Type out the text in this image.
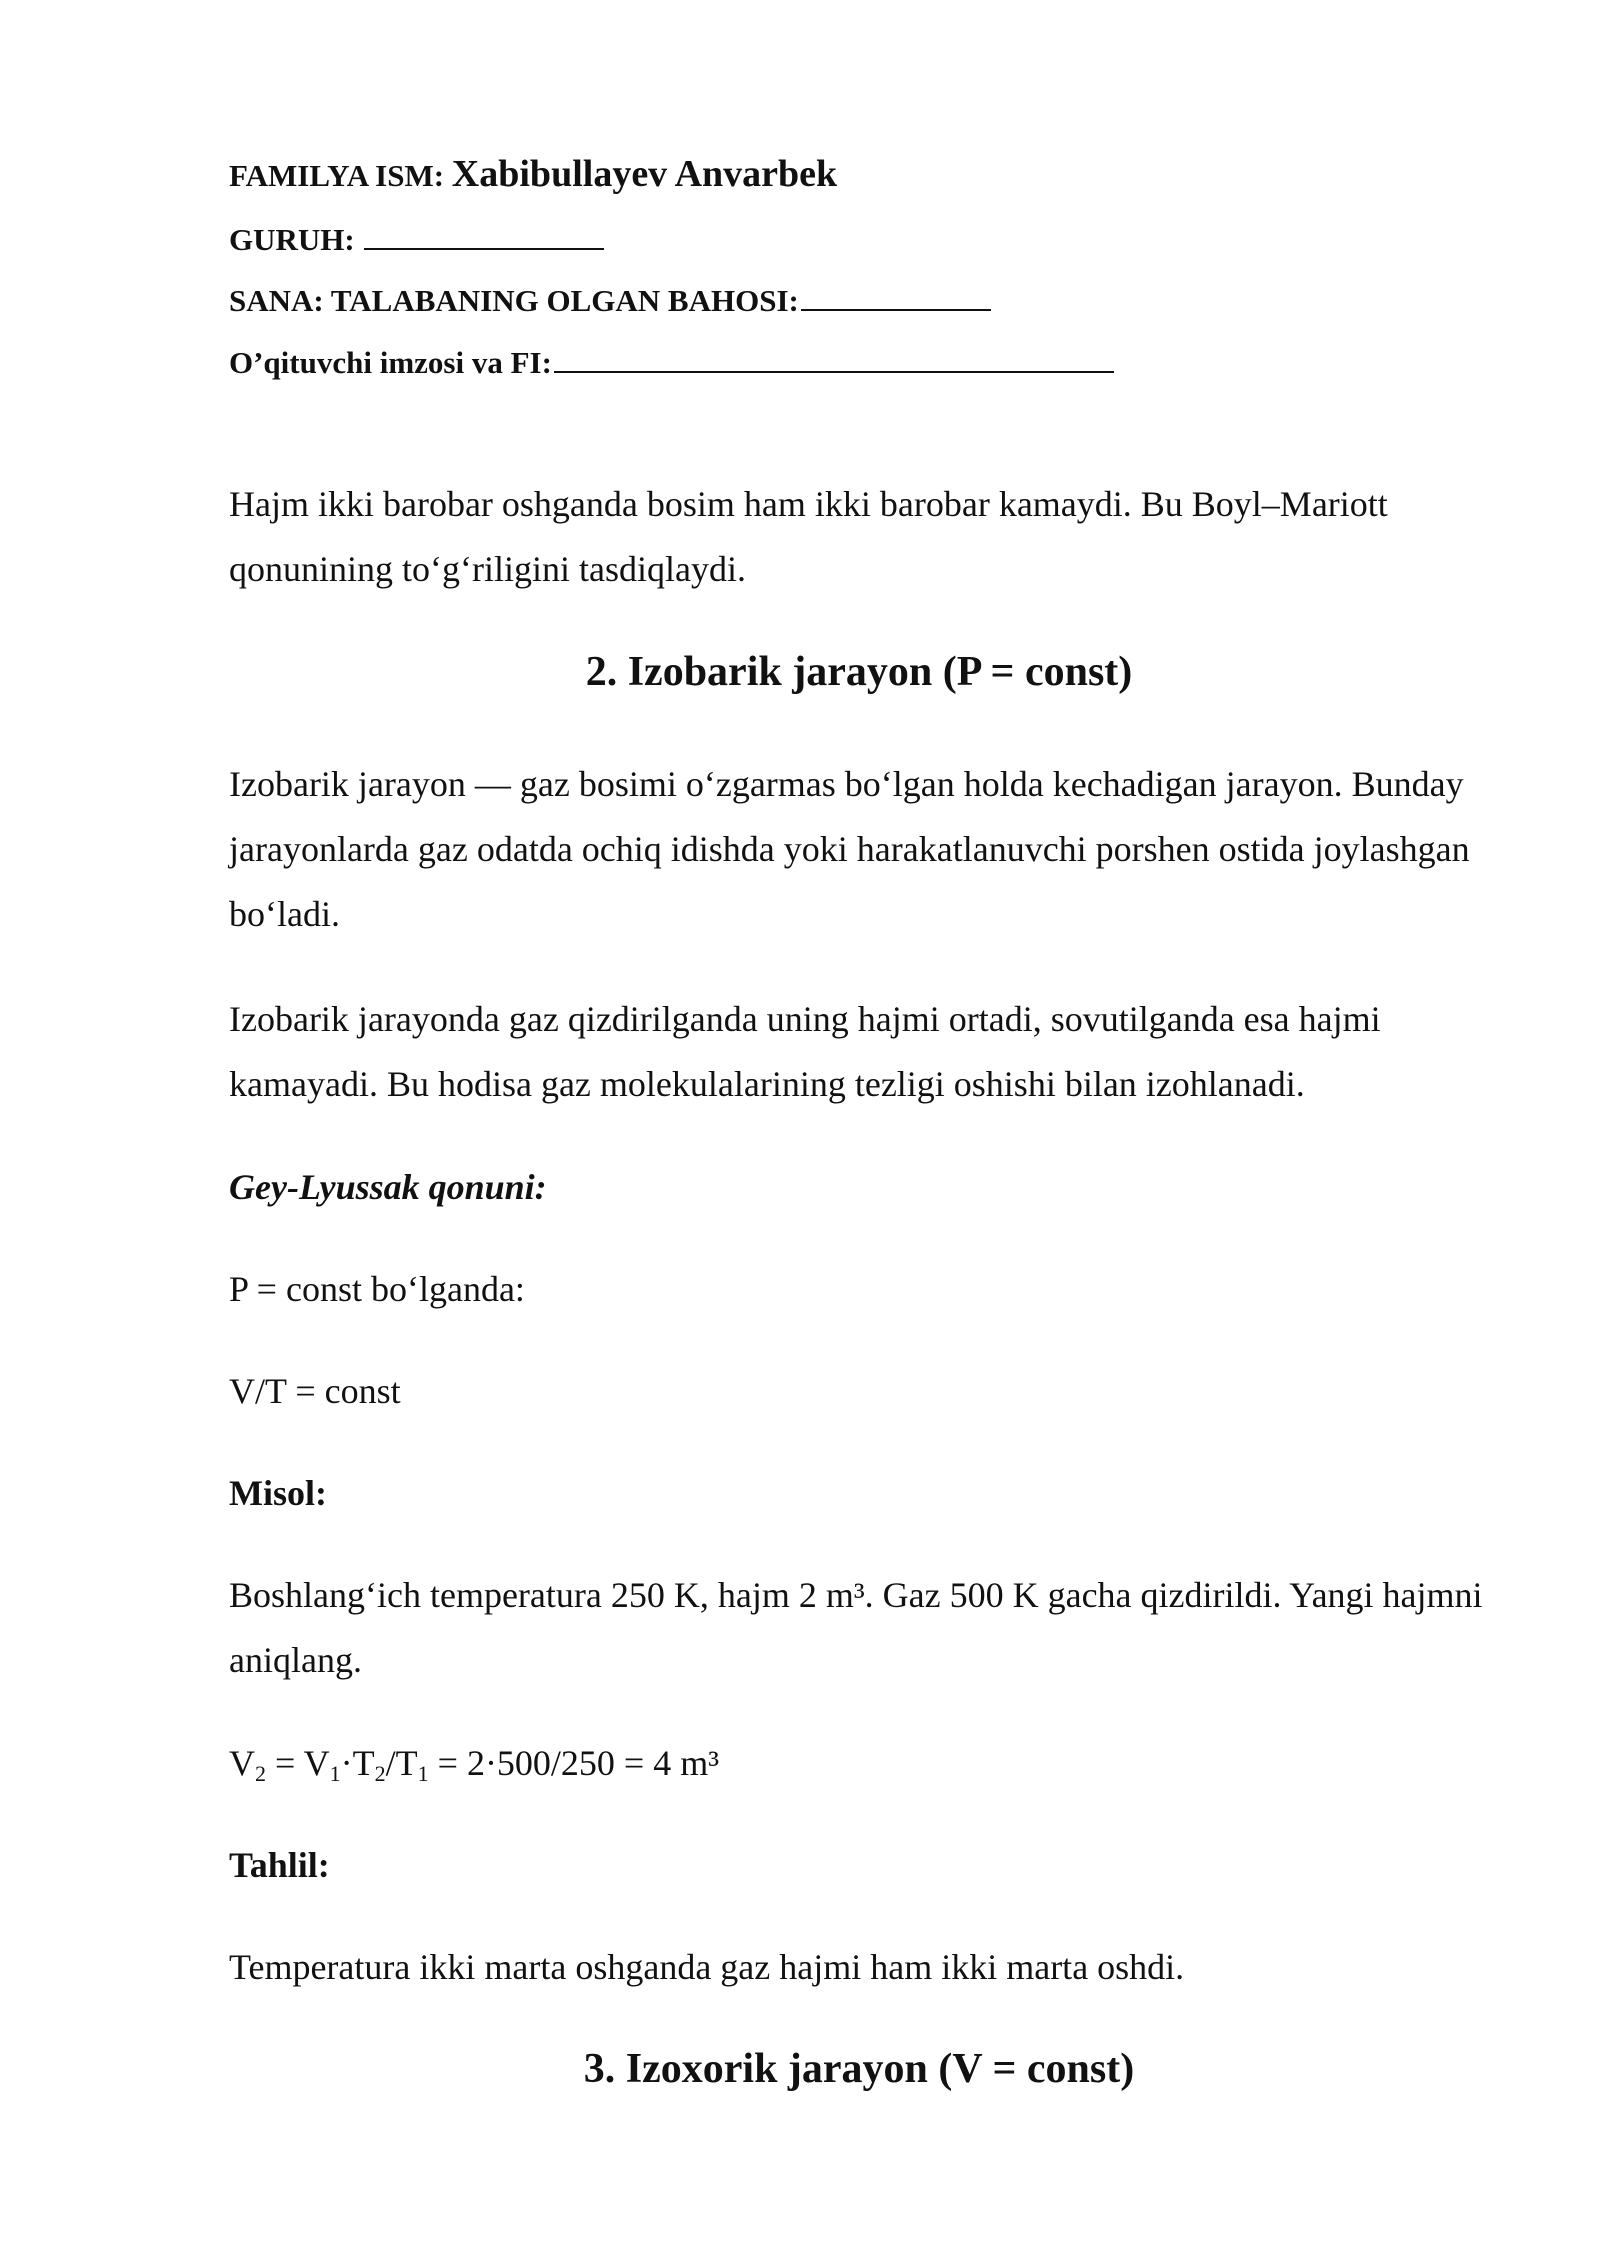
FAMILYA ISM: Xabibullayev Anvarbek
GURUH:
SANA: TALABANING OLGAN BAHOSI:
O’qituvchi imzosi va FI:
Hajm ikki barobar oshganda bosim ham ikki barobar kamaydi. Bu Boyl–Mariott qonunining to‘g‘riligini tasdiqlaydi.
2. Izobarik jarayon (P = const)
Izobarik jarayon — gaz bosimi o‘zgarmas bo‘lgan holda kechadigan jarayon. Bunday jarayonlarda gaz odatda ochiq idishda yoki harakatlanuvchi porshen ostida joylashgan bo‘ladi.
Izobarik jarayonda gaz qizdirilganda uning hajmi ortadi, sovutilganda esa hajmi kamayadi. Bu hodisa gaz molekulalarining tezligi oshishi bilan izohlanadi.
Gey-Lyussak qonuni:
P = const bo‘lganda:
V/T = const
Misol:
Boshlang‘ich temperatura 250 K, hajm 2 m³. Gaz 500 K gacha qizdirildi. Yangi hajmni aniqlang.
$V_2 = V_1\cdot T_2/T_1 = 2\cdot 500/250 = 4$ m³
Tahlil:
Temperatura ikki marta oshganda gaz hajmi ham ikki marta oshdi.
3. Izoxorik jarayon (V = const)
